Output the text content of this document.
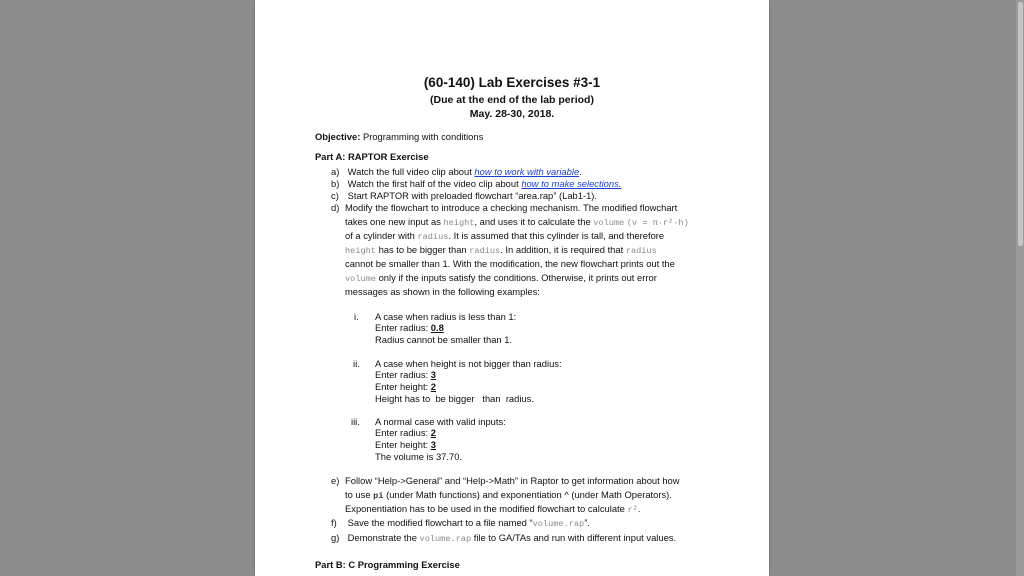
(60-140) Lab Exercises #3-1
(Due at the end of the lab period)
May. 28-30, 2018.
Objective: Programming with conditions
Part A: RAPTOR Exercise
a) Watch the full video clip about how to work with variable.
b) Watch the first half of the video clip about how to make selections.
c) Start RAPTOR with preloaded flowchart “area.rap” (Lab1-1).
d) Modify the flowchart to introduce a checking mechanism. The modified flowchart
takes one new input as height, and uses it to calculate the volume (v = π·r²·h)
of a cylinder with radius. It is assumed that this cylinder is tall, and therefore
height has to be bigger than radius. In addition, it is required that radius
cannot be smaller than 1. With the modification, the new flowchart prints out the
volume only if the inputs satisfy the conditions. Otherwise, it prints out error
messages as shown in the following examples:
i. A case when radius is less than 1:
Enter radius: 0.8
Radius cannot be smaller than 1.
ii. A case when height is not bigger than radius:
Enter radius: 3
Enter height: 2
Height has to  be bigger   than  radius.
iii. A normal case with valid inputs:
Enter radius: 2
Enter height: 3
The volume is 37.70.
e) Follow “Help->General” and “Help->Math” in Raptor to get information about how
to use pi (under Math functions) and exponentiation ^ (under Math Operators).
Exponentiation has to be used in the modified flowchart to calculate r².
f) Save the modified flowchart to a file named “volume.rap”.
g) Demonstrate the volume.rap file to GA/TAs and run with different input values.
Part B: C Programming Exercise
